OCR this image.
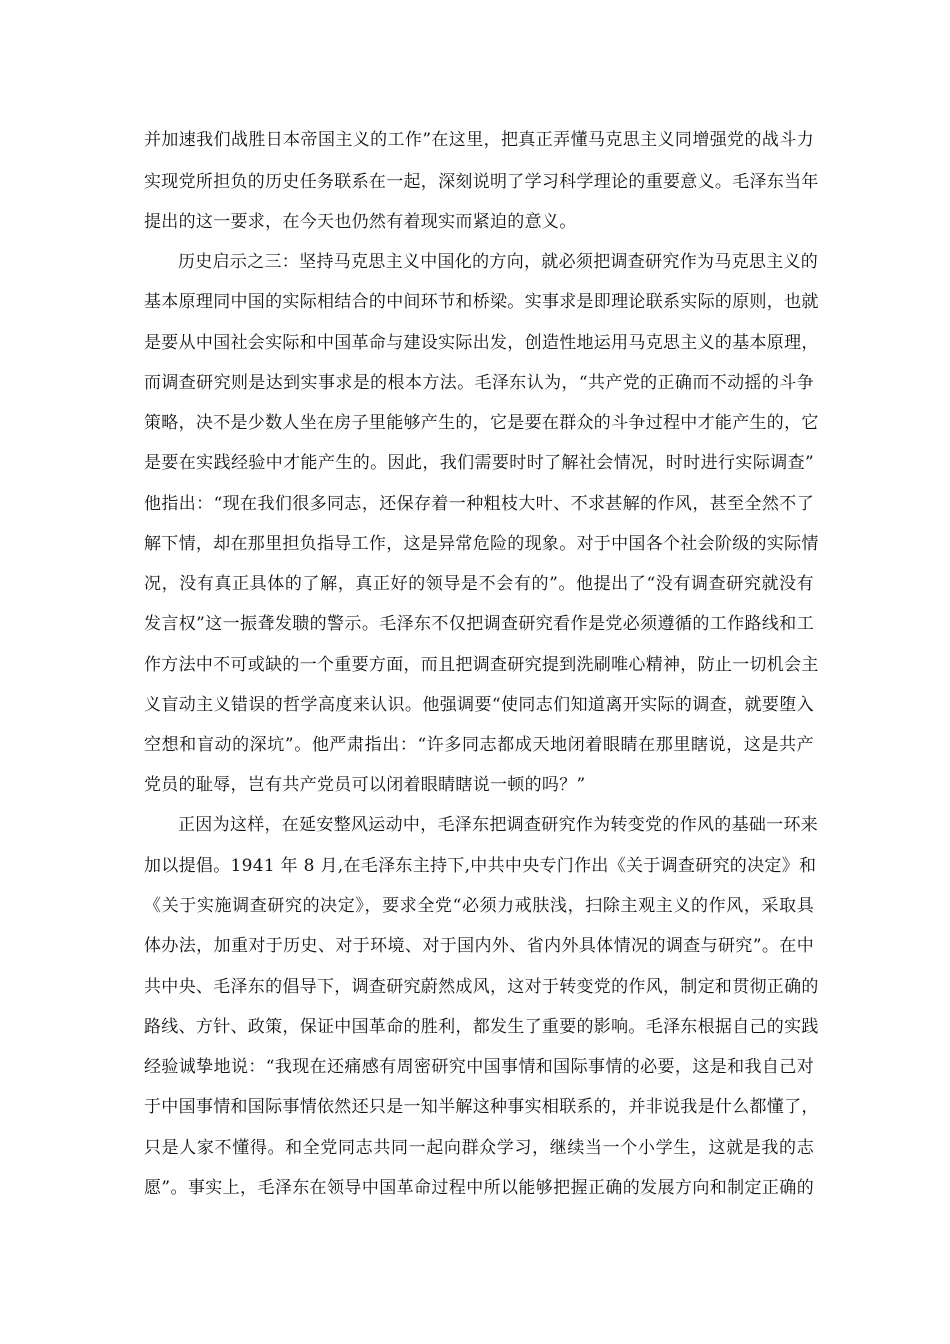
并加速我们战胜日本帝国主义的工作”在这里，把真正弄懂马克思主义同增强党的战斗力
实现党所担负的历史任务联系在一起，深刻说明了学习科学理论的重要意义。毛泽东当年
提出的这一要求，在今天也仍然有着现实而紧迫的意义。
历史启示之三：坚持马克思主义中国化的方向，就必须把调查研究作为马克思主义的
基本原理同中国的实际相结合的中间环节和桥梁。实事求是即理论联系实际的原则，也就
是要从中国社会实际和中国革命与建设实际出发，创造性地运用马克思主义的基本原理，
而调查研究则是达到实事求是的根本方法。毛泽东认为，“共产党的正确而不动摇的斗争
策略，决不是少数人坐在房子里能够产生的，它是要在群众的斗争过程中才能产生的，它
是要在实践经验中才能产生的。因此，我们需要时时了解社会情况，时时进行实际调查”
他指出：“现在我们很多同志，还保存着一种粗枝大叶、不求甚解的作风，甚至全然不了
解下情，却在那里担负指导工作，这是异常危险的现象。对于中国各个社会阶级的实际情
况，没有真正具体的了解，真正好的领导是不会有的”。他提出了“没有调查研究就没有
发言权”这一振聋发聩的警示。毛泽东不仅把调查研究看作是党必须遵循的工作路线和工
作方法中不可或缺的一个重要方面，而且把调查研究提到洗刷唯心精神，防止一切机会主
义盲动主义错误的哲学高度来认识。他强调要“使同志们知道离开实际的调查，就要堕入
空想和盲动的深坑”。他严肃指出：“许多同志都成天地闭着眼睛在那里瞎说，这是共产
党员的耻辱，岂有共产党员可以闭着眼睛瞎说一顿的吗？”
正因为这样，在延安整风运动中，毛泽东把调查研究作为转变党的作风的基础一环来
加以提倡。1941 年 8 月,在毛泽东主持下,中共中央专门作出《关于调查研究的决定》和
《关于实施调查研究的决定》，要求全党“必须力戒肤浅，扫除主观主义的作风，采取具
体办法，加重对于历史、对于环境、对于国内外、省内外具体情况的调查与研究”。在中
共中央、毛泽东的倡导下，调查研究蔚然成风，这对于转变党的作风，制定和贯彻正确的
路线、方针、政策，保证中国革命的胜利，都发生了重要的影响。毛泽东根据自己的实践
经验诚挚地说：“我现在还痛感有周密研究中国事情和国际事情的必要，这是和我自己对
于中国事情和国际事情依然还只是一知半解这种事实相联系的，并非说我是什么都懂了，
只是人家不懂得。和全党同志共同一起向群众学习，继续当一个小学生，这就是我的志
愿”。事实上，毛泽东在领导中国革命过程中所以能够把握正确的发展方向和制定正确的
